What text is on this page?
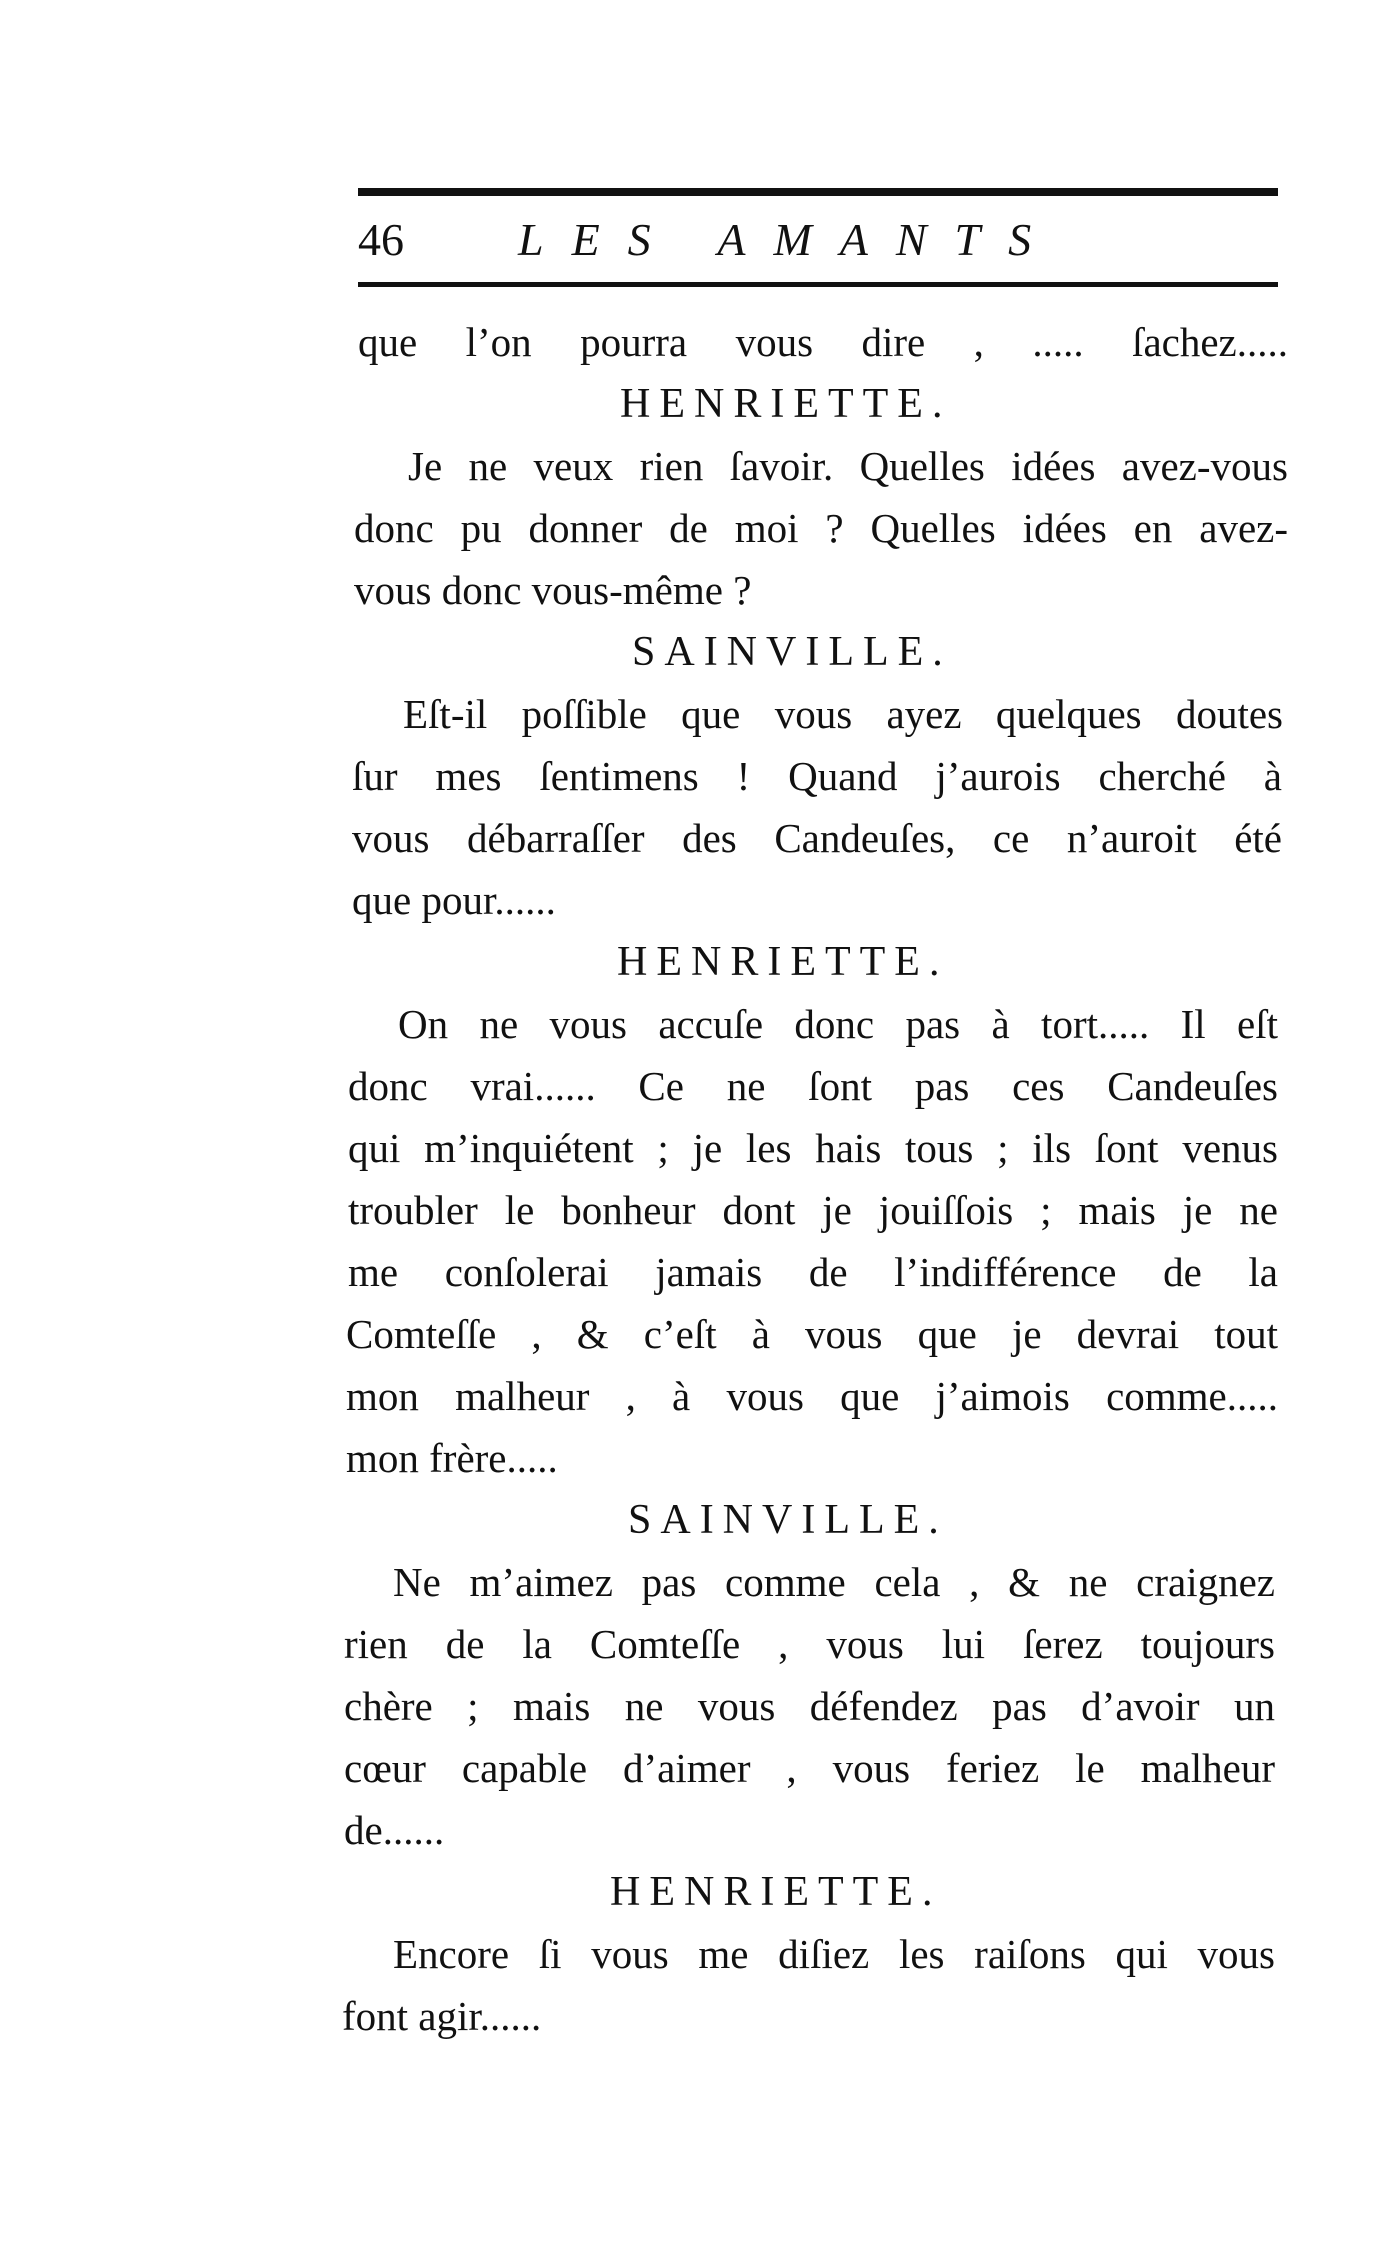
46 LES AMANTS
que l’on pourra vous dire , ..... ſachez.....
HENRIETTE.
Je ne veux rien ſavoir. Quelles idées avez-vous
donc pu donner de moi ? Quelles idées en avez-
vous donc vous-même ?
SAINVILLE.
Eſt-il poſſible que vous ayez quelques doutes
ſur mes ſentimens ! Quand j’aurois cherché à
vous débarraſſer des Candeuſes, ce n’auroit été
que pour......
HENRIETTE.
On ne vous accuſe donc pas à tort..... Il eſt
donc vrai...... Ce ne ſont pas ces Candeuſes
qui m’inquiétent ; je les hais tous ; ils ſont venus
troubler le bonheur dont je jouiſſois ; mais je ne
me conſolerai jamais de l’indifférence de la
Comteſſe , & c’eſt à vous que je devrai tout
mon malheur , à vous que j’aimois comme.....
mon frère.....
SAINVILLE.
Ne m’aimez pas comme cela , & ne craignez
rien de la Comteſſe , vous lui ſerez toujours
chère ; mais ne vous défendez pas d’avoir un
cœur capable d’aimer , vous feriez le malheur
de......
HENRIETTE.
Encore ſi vous me diſiez les raiſons qui vous
font agir......
